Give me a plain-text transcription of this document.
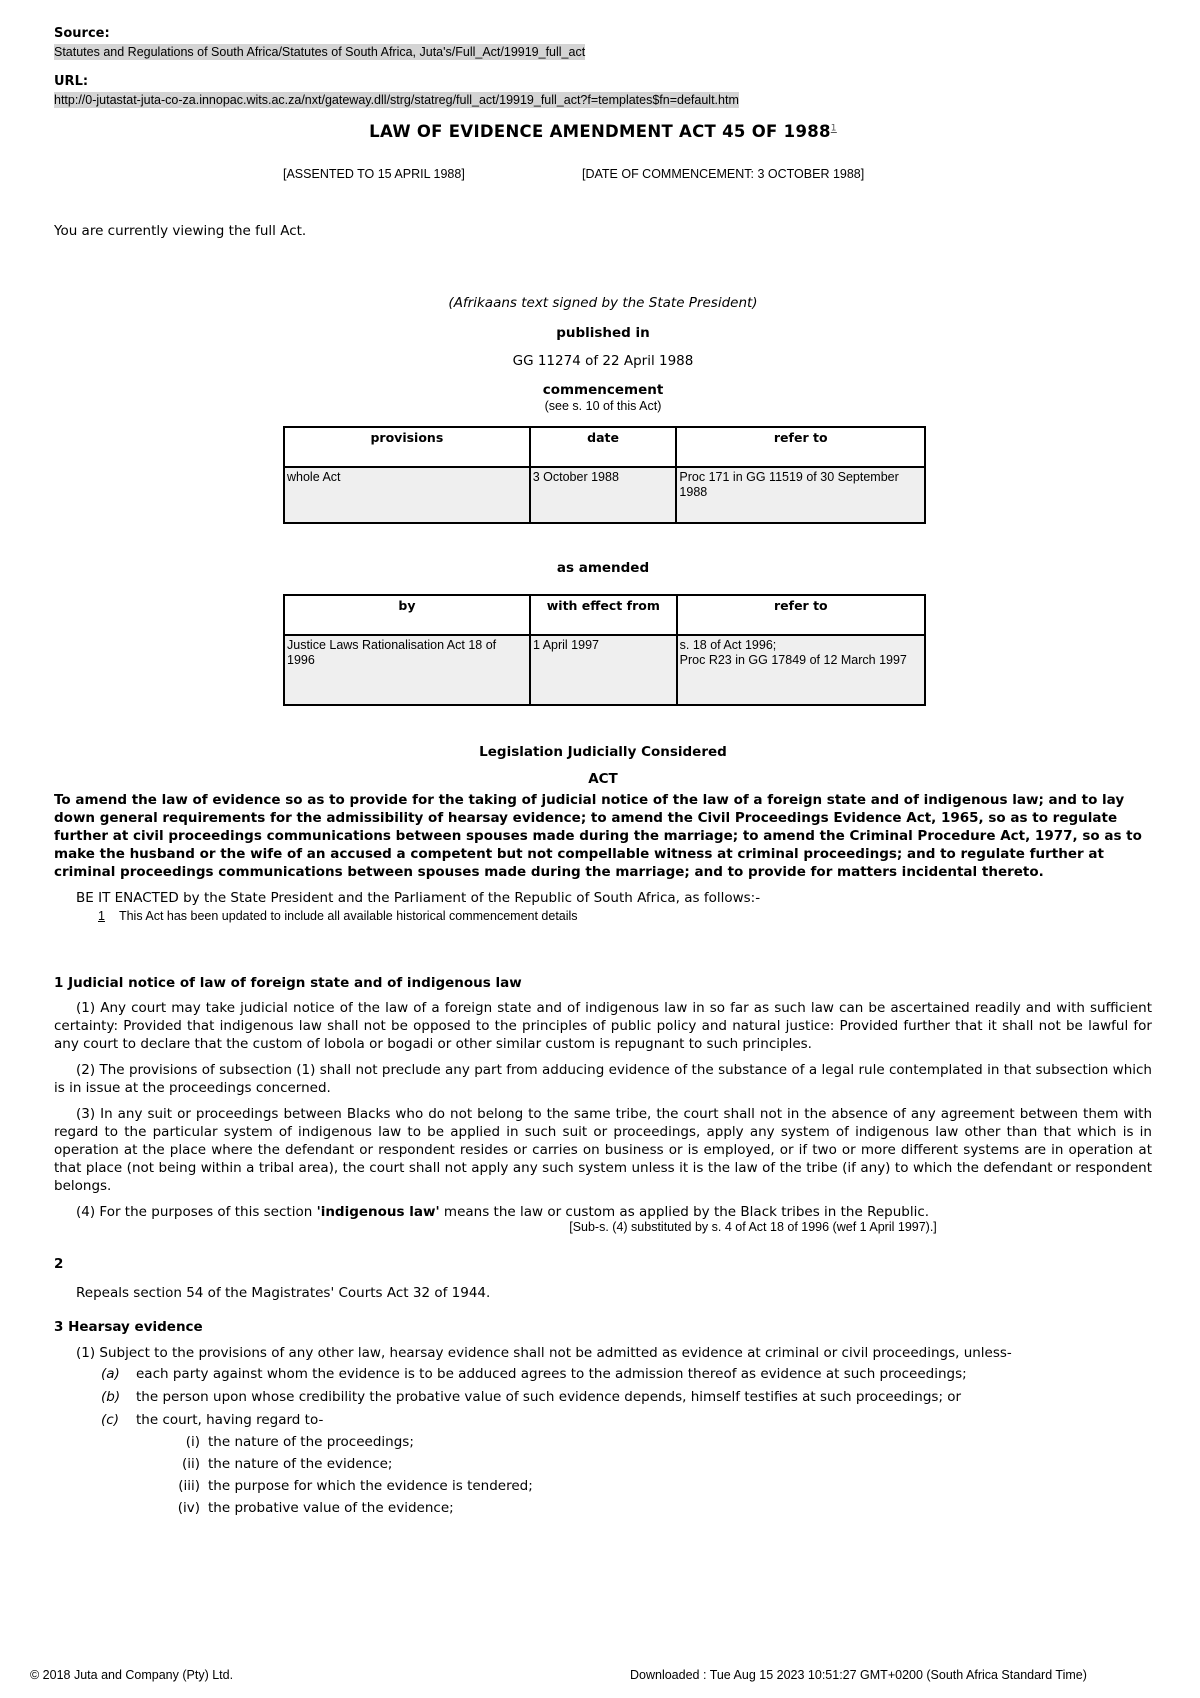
Source:
Statutes and Regulations of South Africa/Statutes of South Africa, Juta's/Full_Act/19919_full_act
URL:
http://0-jutastat-juta-co-za.innopac.wits.ac.za/nxt/gateway.dll/strg/statreg/full_act/19919_full_act?f=templates$fn=default.htm
LAW OF EVIDENCE AMENDMENT ACT 45 OF 1988$^1$
[ASSENTED TO 15 APRIL 1988]	[DATE OF COMMENCEMENT: 3 OCTOBER 1988]
You are currently viewing the full Act.
(Afrikaans text signed by the State President)
published in
GG 11274 of 22 April 1988
commencement
(see s. 10 of this Act)
provisions	date	refer to
whole Act	3 October 1988	Proc 171 in GG 11519 of 30 September 1988
as amended
by	with effect from	refer to
Justice Laws Rationalisation Act 18 of 1996	1 April 1997	s. 18 of Act 1996;
Proc R23 in GG 17849 of 12 March 1997
Legislation Judicially Considered
ACT
To amend the law of evidence so as to provide for the taking of judicial notice of the law of a foreign state and of indigenous law; and to lay down general requirements for the admissibility of hearsay evidence; to amend the Civil Proceedings Evidence Act, 1965, so as to regulate further at civil proceedings communications between spouses made during the marriage; to amend the Criminal Procedure Act, 1977, so as to make the husband or the wife of an accused a competent but not compellable witness at criminal proceedings; and to regulate further at criminal proceedings communications between spouses made during the marriage; and to provide for matters incidental thereto.
BE IT ENACTED by the State President and the Parliament of the Republic of South Africa, as follows:-
1 This Act has been updated to include all available historical commencement details
1 Judicial notice of law of foreign state and of indigenous law
(1) Any court may take judicial notice of the law of a foreign state and of indigenous law in so far as such law can be ascertained readily and with sufficient certainty: Provided that indigenous law shall not be opposed to the principles of public policy and natural justice: Provided further that it shall not be lawful for any court to declare that the custom of lobola or bogadi or other similar custom is repugnant to such principles.
(2) The provisions of subsection (1) shall not preclude any part from adducing evidence of the substance of a legal rule contemplated in that subsection which is in issue at the proceedings concerned.
(3) In any suit or proceedings between Blacks who do not belong to the same tribe, the court shall not in the absence of any agreement between them with regard to the particular system of indigenous law to be applied in such suit or proceedings, apply any system of indigenous law other than that which is in operation at the place where the defendant or respondent resides or carries on business or is employed, or if two or more different systems are in operation at that place (not being within a tribal area), the court shall not apply any such system unless it is the law of the tribe (if any) to which the defendant or respondent belongs.
(4) For the purposes of this section 'indigenous law' means the law or custom as applied by the Black tribes in the Republic.
[Sub-s. (4) substituted by s. 4 of Act 18 of 1996 (wef 1 April 1997).]
2
Repeals section 54 of the Magistrates' Courts Act 32 of 1944.
3 Hearsay evidence
(1) Subject to the provisions of any other law, hearsay evidence shall not be admitted as evidence at criminal or civil proceedings, unless-
(a) each party against whom the evidence is to be adduced agrees to the admission thereof as evidence at such proceedings;
(b) the person upon whose credibility the probative value of such evidence depends, himself testifies at such proceedings; or
(c) the court, having regard to-
(i) the nature of the proceedings;
(ii) the nature of the evidence;
(iii) the purpose for which the evidence is tendered;
(iv) the probative value of the evidence;
© 2018 Juta and Company (Pty) Ltd.	Downloaded : Tue Aug 15 2023 10:51:27 GMT+0200 (South Africa Standard Time)
